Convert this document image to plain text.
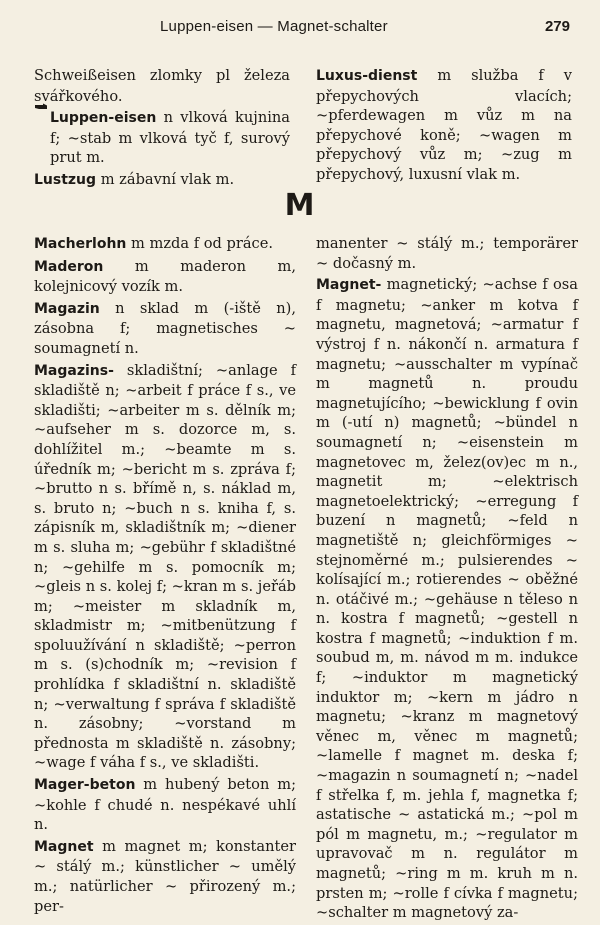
Luppen-eisen — Magnet-schalter	279
Schweißeisen zlomky pl železa svářkového.
Luppen-eisen n vlková kujnina f; ~stab m vlková tyč f, surový prut m.
Lustzug m zábavní vlak m.
Luxus-dienst m služba f v přepychových vlacích; ~pferdewagen m vůz m na přepychové koně; ~wagen m přepychový vůz m; ~zug m přepychový, luxusní vlak m.
M
Macherlohn m mzda f od práce.
Maderon m maderon m, kolejnicový vozík m.
Magazin n sklad m (-iště n), zásobna f; magnetisches ~ soumagnetí n.
Magazins- skladištní; ~anlage f skladiště n; ~arbeit f práce f s., ve skladišti; ~arbeiter m s. dělník m; ~aufseher m s. dozorce m, s. dohlížitel m.; ~beamte m s. úředník m; ~bericht m s. zpráva f; ~brutto n s. břímě n, s. náklad m, s. bruto n; ~buch n s. kniha f, s. zápisník m, skladištník m; ~diener m s. sluha m; ~gebühr f skladištné n; ~gehilfe m s. pomocník m; ~gleis n s. kolej f; ~kran m s. jeřáb m; ~meister m skladník m, skladmistr m; ~mitbenützung f spoluužívání n skladiště; ~perron m s. (s)chodník m; ~revision f prohlídka f skladištní n. skladiště n; ~verwaltung f správa f skladiště n. zásobny; ~vorstand m přednosta m skladiště n. zásobny; ~wage f váha f s., ve skladišti.
Mager-beton m hubený beton m; ~kohle f chudé n. nespékavé uhlí n.
Magnet m magnet m; konstanter ~ stálý m.; künstlicher ~ umělý m.; natürlicher ~ přirozený m.; per-
manenter ~ stálý m.; temporärer ~ dočasný m.
Magnet- magnetický; ~achse f osa f magnetu; ~anker m kotva f magnetu, magnetová; ~armatur f výstroj f n. nákončí n. armatura f magnetu; ~ausschalter m vypínač m magnetů n. proudu magnetujícího; ~bewicklung f ovin m (-utí n) magnetů; ~bündel n soumagnetí n; ~eisenstein m magnetovec m, želez(ov)ec m n., magnetit m; ~elektrisch magnetoelektrický; ~erregung f buzení n magnetů; ~feld n magnetiště n; gleichförmiges ~ stejnoměrné m.; pulsierendes ~ kolísající m.; rotierendes ~ oběžné n. otáčivé m.; ~gehäuse n těleso n n. kostra f magnetů; ~gestell n kostra f magnetů; ~induktion f m. soubud m, m. návod m m. indukce f; ~induktor m magnetický induktor m; ~kern m jádro n magnetu; ~kranz m magnetový věnec m, věnec m magnetů; ~lamelle f magnet m. deska f; ~magazin n soumagnetí n; ~nadel f střelka f, m. jehla f, magnetka f; astatische ~ astatická m.; ~pol m pól m magnetu, m.; ~regulator m upravovač m n. regulátor m magnetů; ~ring m m. kruh m n. prsten m; ~rolle f cívka f magnetu; ~schalter m magnetový za-
